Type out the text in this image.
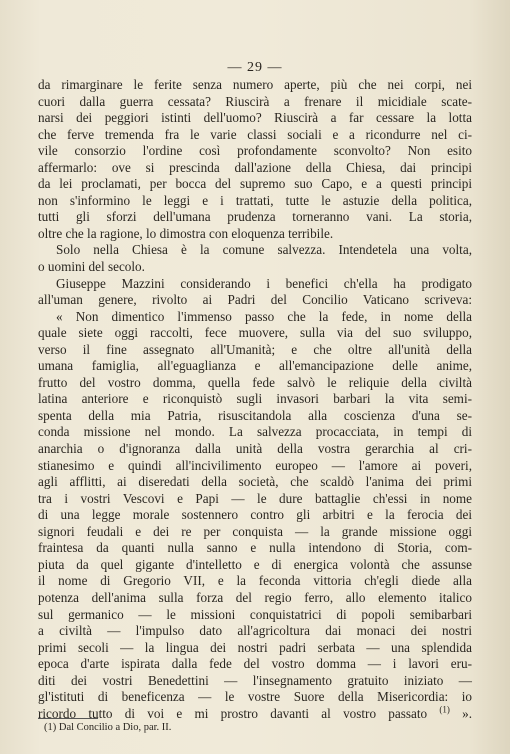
— 29 —
da rimarginare le ferite senza numero aperte, più che nei corpi, nei
cuori dalla guerra cessata? Riuscirà a frenare il micidiale scate-
narsi dei peggiori istinti dell'uomo? Riuscirà a far cessare la lotta
che ferve tremenda fra le varie classi sociali e a ricondurre nel ci-
vile consorzio l'ordine così profondamente sconvolto? Non esito
affermarlo: ove si prescinda dall'azione della Chiesa, dai principi
da lei proclamati, per bocca del supremo suo Capo, e a questi principi
non s'informino le leggi e i trattati, tutte le astuzie della politica,
tutti gli sforzi dell'umana prudenza torneranno vani. La storia,
oltre che la ragione, lo dimostra con eloquenza terribile.
Solo nella Chiesa è la comune salvezza. Intendetela una volta,
o uomini del secolo.
Giuseppe Mazzini considerando i benefici ch'ella ha prodigato
all'uman genere, rivolto ai Padri del Concilio Vaticano scriveva:
« Non dimentico l'immenso passo che la fede, in nome della
quale siete oggi raccolti, fece muovere, sulla via del suo sviluppo,
verso il fine assegnato all'Umanità; e che oltre all'unità della
umana famiglia, all'eguaglianza e all'emancipazione delle anime,
frutto del vostro domma, quella fede salvò le reliquie della civiltà
latina anteriore e riconquistò sugli invasori barbari la vita semi-
spenta della mia Patria, risuscitandola alla coscienza d'una se-
conda missione nel mondo. La salvezza procacciata, in tempi di
anarchia o d'ignoranza dalla unità della vostra gerarchia al cri-
stianesimo e quindi all'incivilimento europeo — l'amore ai poveri,
agli afflitti, ai diseredati della società, che scaldò l'anima dei primi
tra i vostri Vescovi e Papi — le dure battaglie ch'essi in nome
di una legge morale sostennero contro gli arbitri e la ferocia dei
signori feudali e dei re per conquista — la grande missione oggi
fraintesa da quanti nulla sanno e nulla intendono di Storia, com-
piuta da quel gigante d'intelletto e di energica volontà che assunse
il nome di Gregorio VII, e la feconda vittoria ch'egli diede alla
potenza dell'anima sulla forza del regio ferro, allo elemento italico
sul germanico — le missioni conquistatrici di popoli semibarbari
a civiltà — l'impulso dato all'agricoltura dai monaci dei nostri
primi secoli — la lingua dei nostri padri serbata — una splendida
epoca d'arte ispirata dalla fede del vostro domma — i lavori eru-
diti dei vostri Benedettini — l'insegnamento gratuito iniziato —
gl'istituti di beneficenza — le vostre Suore della Misericordia: io
ricordo tutto di voi e mi prostro davanti al vostro passato $^{(1)}$ ».
(1) Dal Concilio a Dio, par. II.
